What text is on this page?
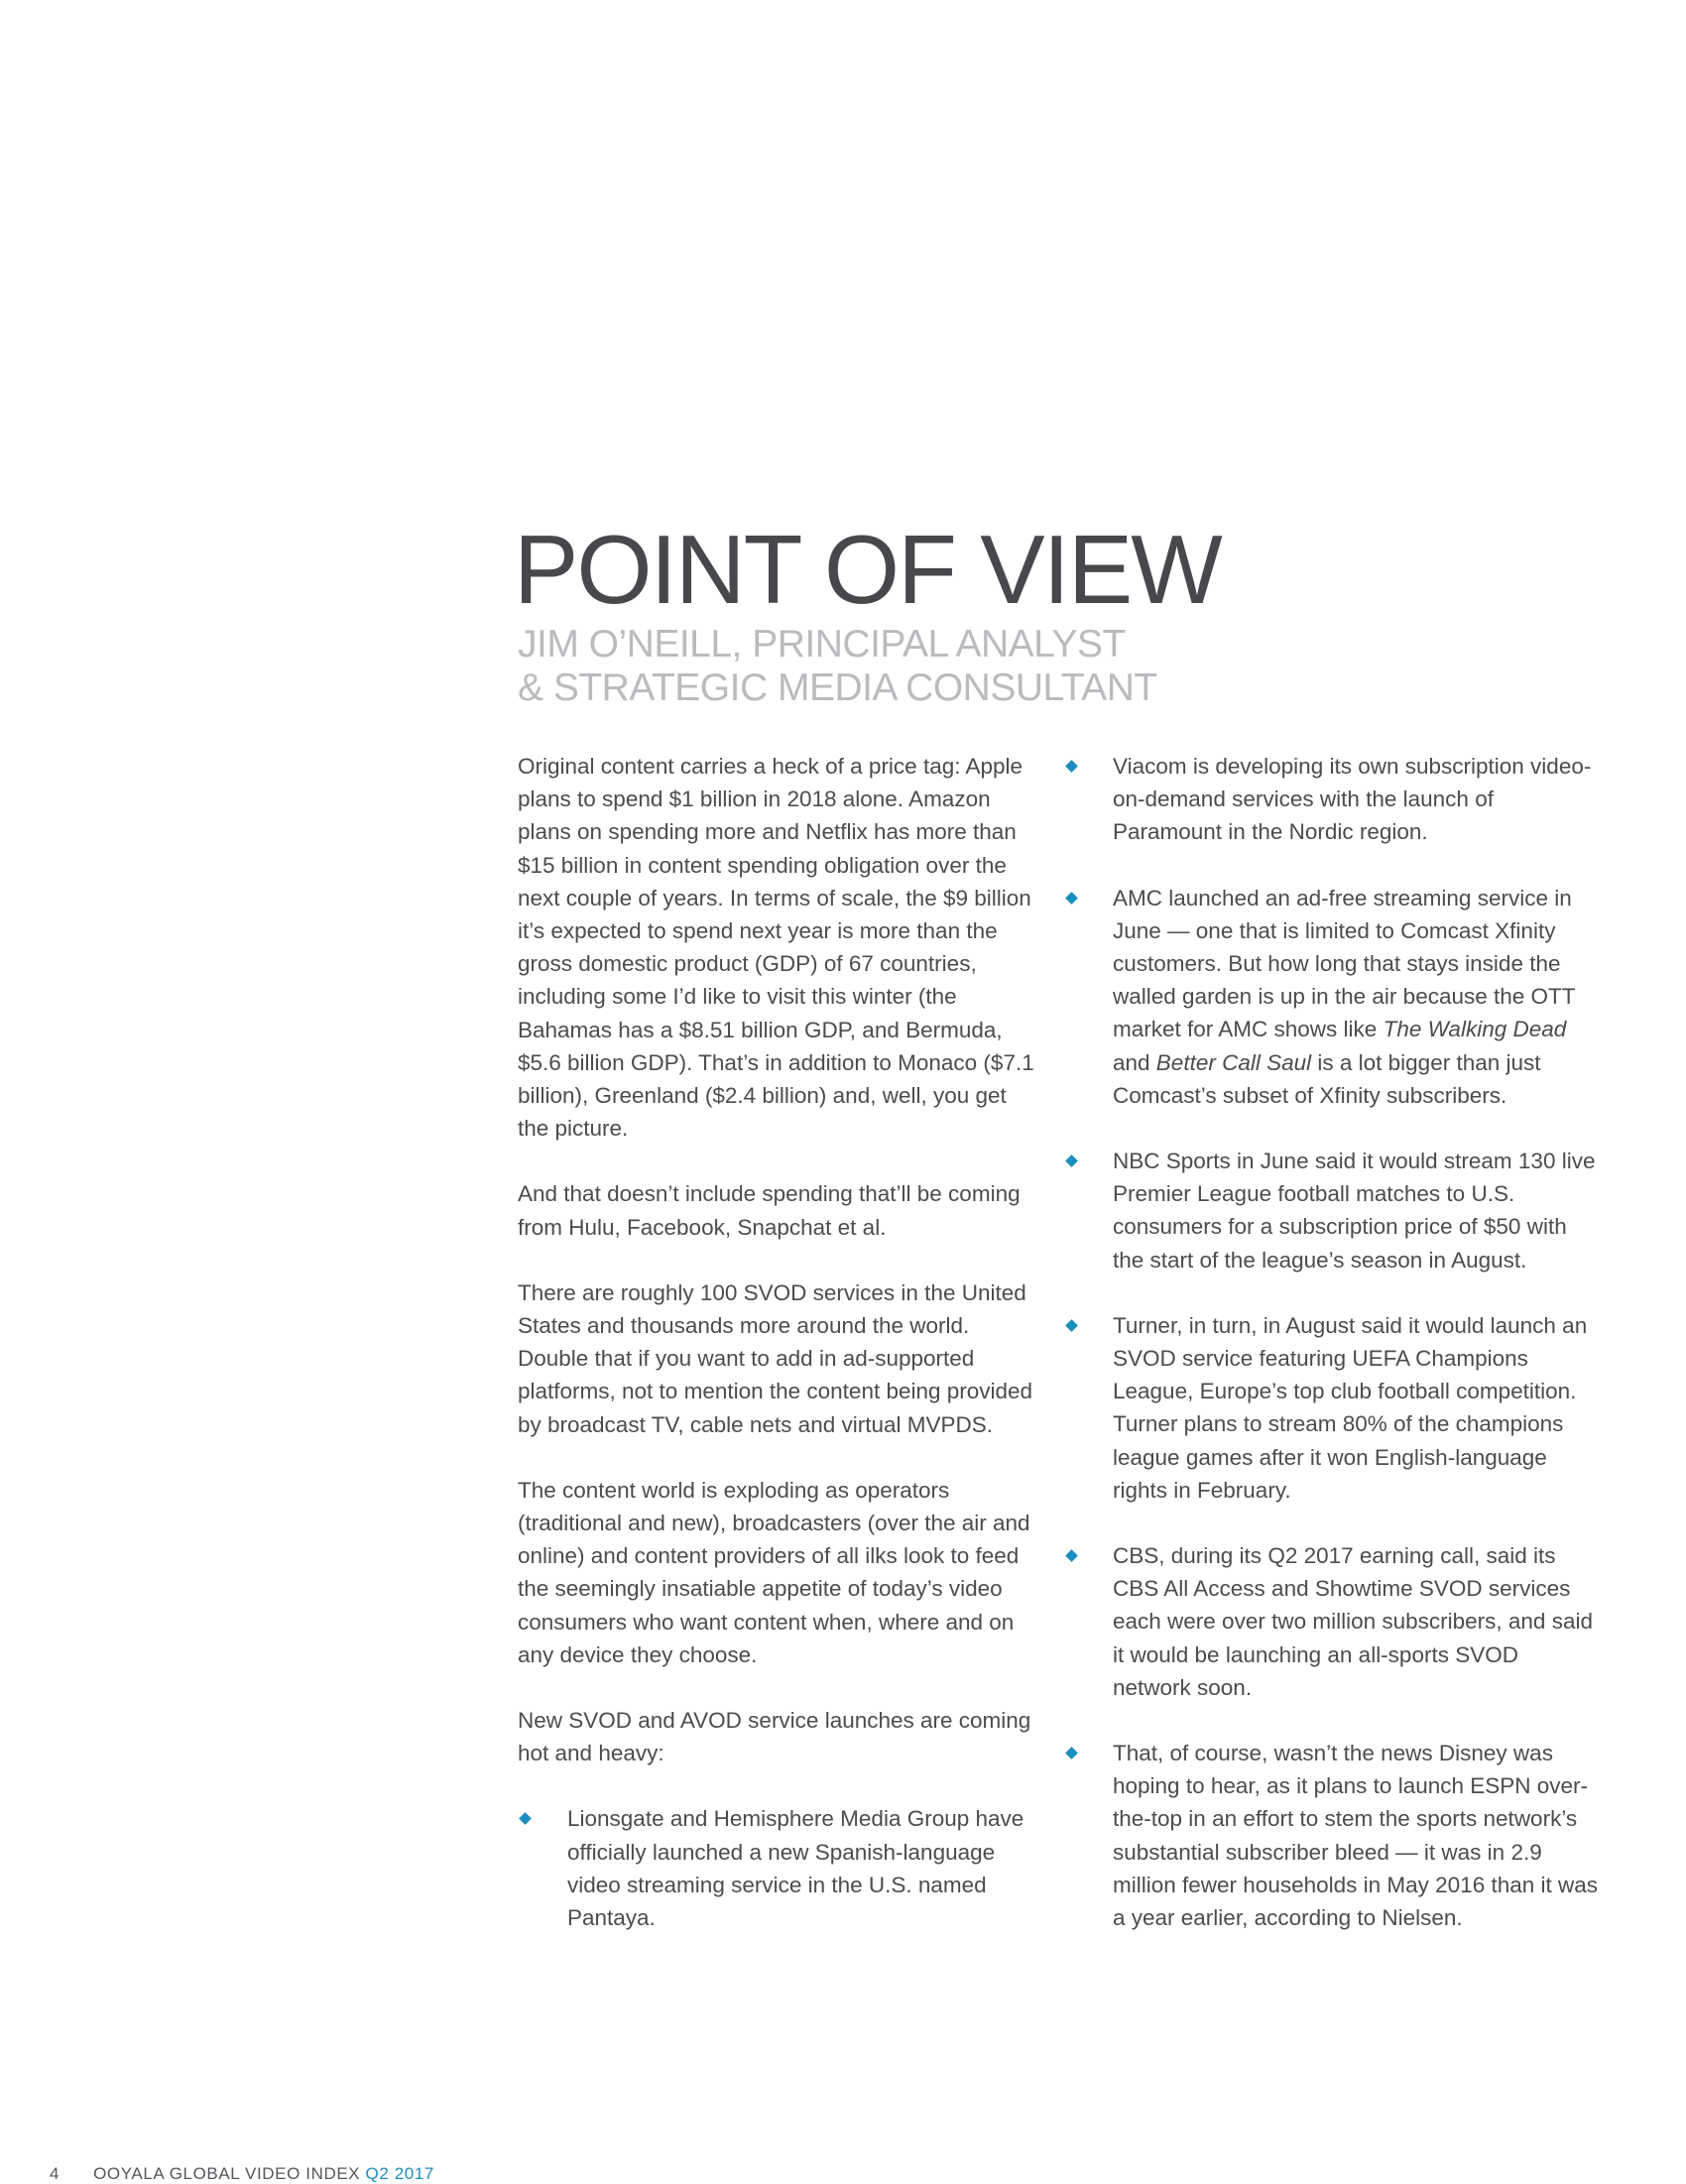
POINT OF VIEW
JIM O’NEILL, PRINCIPAL ANALYST
& STRATEGIC MEDIA CONSULTANT

Original content carries a heck of a price tag: Apple plans to spend $1 billion in 2018 alone. Amazon plans on spending more and Netflix has more than $15 billion in content spending obligation over the next couple of years. In terms of scale, the $9 billion it’s expected to spend next year is more than the gross domestic product (GDP) of 67 countries, including some I’d like to visit this winter (the Bahamas has a $8.51 billion GDP, and Bermuda, $5.6 billion GDP). That’s in addition to Monaco ($7.1 billion), Greenland ($2.4 billion) and, well, you get the picture.

And that doesn’t include spending that’ll be coming from Hulu, Facebook, Snapchat et al.

There are roughly 100 SVOD services in the United States and thousands more around the world. Double that if you want to add in ad-supported platforms, not to mention the content being provided by broadcast TV, cable nets and virtual MVPDS.

The content world is exploding as operators (traditional and new), broadcasters (over the air and online) and content providers of all ilks look to feed the seemingly insatiable appetite of today’s video consumers who want content when, where and on any device they choose.

New SVOD and AVOD service launches are coming hot and heavy:

Lionsgate and Hemisphere Media Group have officially launched a new Spanish-language video streaming service in the U.S. named Pantaya.
Viacom is developing its own subscription video-on-demand services with the launch of Paramount in the Nordic region.
AMC launched an ad-free streaming service in June — one that is limited to Comcast Xfinity customers. But how long that stays inside the walled garden is up in the air because the OTT market for AMC shows like The Walking Dead and Better Call Saul is a lot bigger than just Comcast’s subset of Xfinity subscribers.
NBC Sports in June said it would stream 130 live Premier League football matches to U.S. consumers for a subscription price of $50 with the start of the league’s season in August.
Turner, in turn, in August said it would launch an SVOD service featuring UEFA Champions League, Europe’s top club football competition. Turner plans to stream 80% of the champions league games after it won English-language rights in February.
CBS, during its Q2 2017 earning call, said its CBS All Access and Showtime SVOD services each were over two million subscribers, and said it would be launching an all-sports SVOD network soon.
That, of course, wasn’t the news Disney was hoping to hear, as it plans to launch ESPN over-the-top in an effort to stem the sports network’s substantial subscriber bleed — it was in 2.9 million fewer households in May 2016 than it was a year earlier, according to Nielsen.
4 OOYALA GLOBAL VIDEO INDEX Q2 2017
